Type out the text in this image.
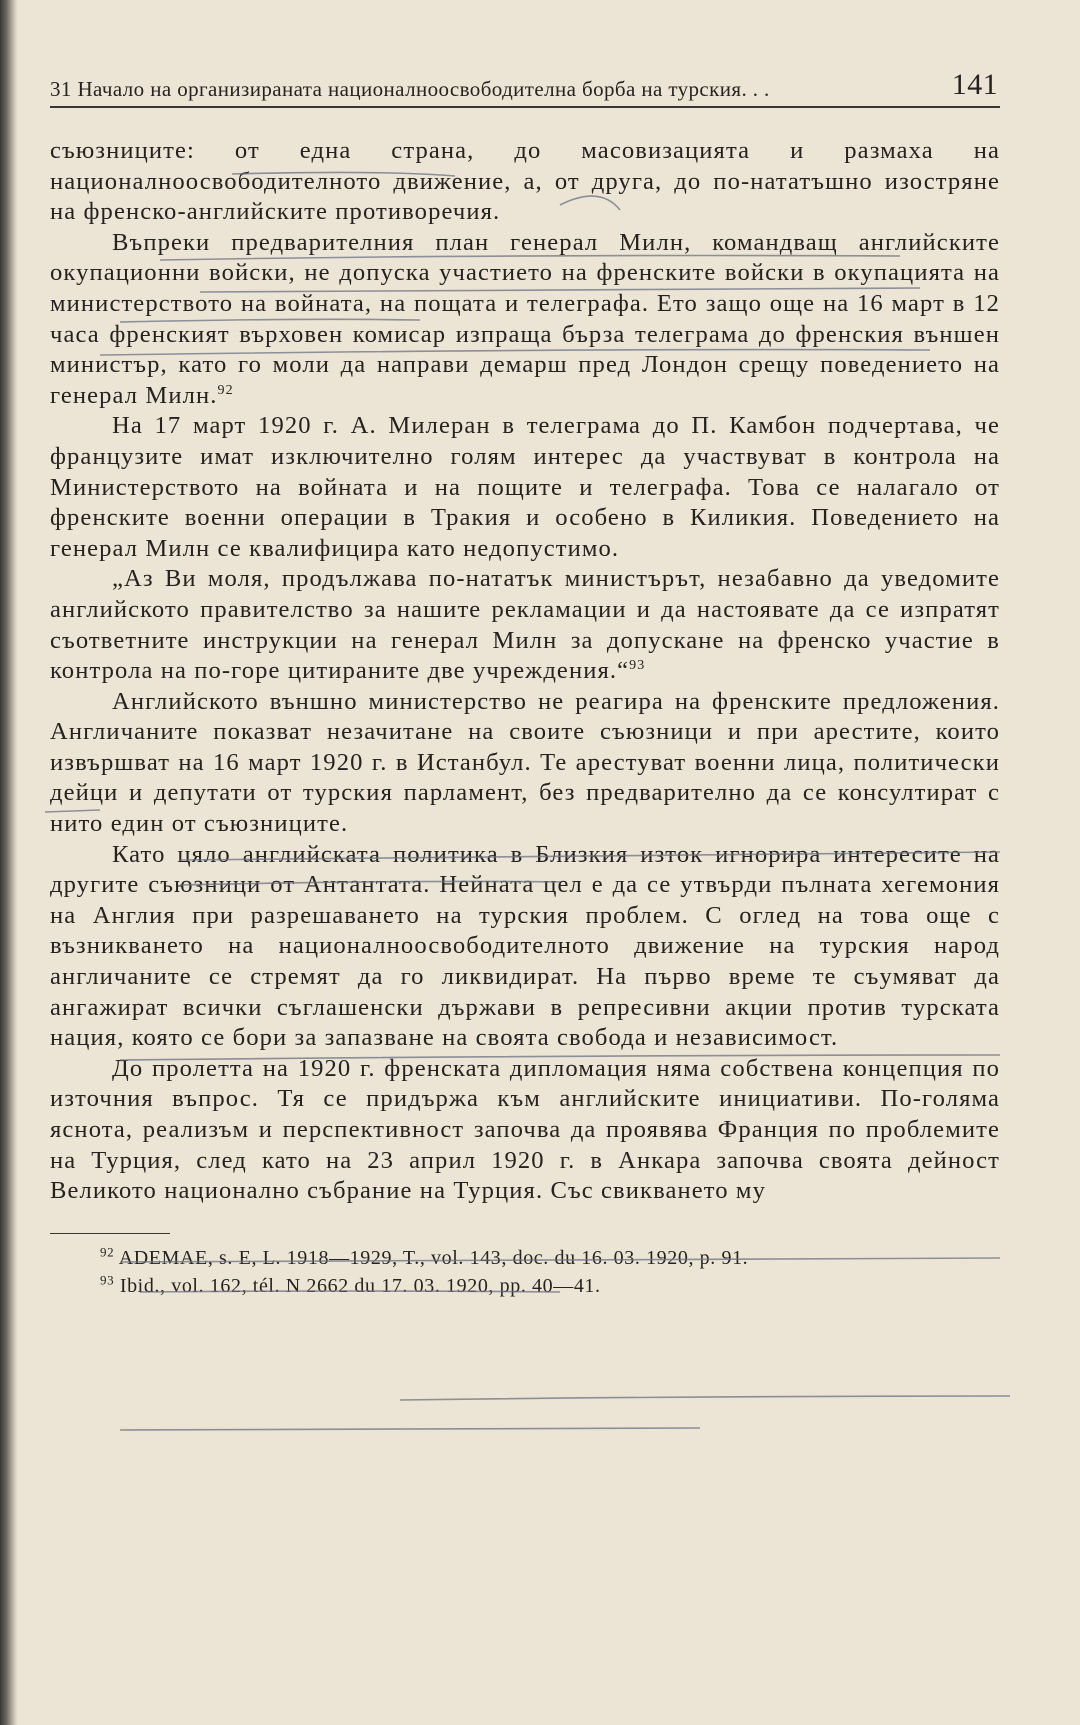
31 Начало на организираната националноосвободителна борба на турския. . .	141

съюзниците: от една страна, до масовизацията и размаха на националноосвободителното движение, а, от друга, до по-нататъшно изостряне на френско-английските противоречия.

Въпреки предварителния план генерал Милн, командващ английските окупационни войски, не допуска участието на френските войски в окупацията на министерството на войната, на пощата и телеграфа. Ето защо още на 16 март в 12 часа френският върховен комисар изпраща бърза телеграма до френския външен министър, като го моли да направи демарш пред Лондон срещу поведението на генерал Милн.$^{92}$

На 17 март 1920 г. А. Милеран в телеграма до П. Камбон подчертава, че французите имат изключително голям интерес да участвуват в контрола на Министерството на войната и на пощите и телеграфа. Това се налагало от френските военни операции в Тракия и особено в Киликия. Поведението на генерал Милн се квалифицира като недопустимо.

„Аз Ви моля, продължава по-нататък министърът, незабавно да уведомите английското правителство за нашите рекламации и да настоявате да се изпратят съответните инструкции на генерал Милн за допускане на френско участие в контрола на по-горе цитираните две учреждения.“$^{93}$

Английското външно министерство не реагира на френските предложения. Англичаните показват незачитане на своите съюзници и при арестите, които извършват на 16 март 1920 г. в Истанбул. Те арестуват военни лица, политически дейци и депутати от турския парламент, без предварително да се консултират с нито един от съюзниците.

Като цяло английската политика в Близкия изток игнорира интересите на другите съюзници от Антантата. Нейната цел е да се утвърди пълната хегемония на Англия при разрешаването на турския проблем. С оглед на това още с възникването на националноосвободителното движение на турския народ англичаните се стремят да го ликвидират. На първо време те съумяват да ангажират всички съглашенски държави в репресивни акции против турската нация, която се бори за запазване на своята свобода и независимост.

До пролетта на 1920 г. френската дипломация няма собствена концепция по източния въпрос. Тя се придържа към английските инициативи. По-голяма яснота, реализъм и перспективност започва да проявява Франция по проблемите на Турция, след като на 23 април 1920 г. в Анкара започва своята дейност Великото национално събрание на Турция. Със свикването му

$^{92}$ ADEMAE, s. E, L. 1918—1929, T., vol. 143, doc. du 16. 03. 1920, p. 91.
$^{93}$ Ibid., vol. 162, tél. N 2662 du 17. 03. 1920, pp. 40—41.
